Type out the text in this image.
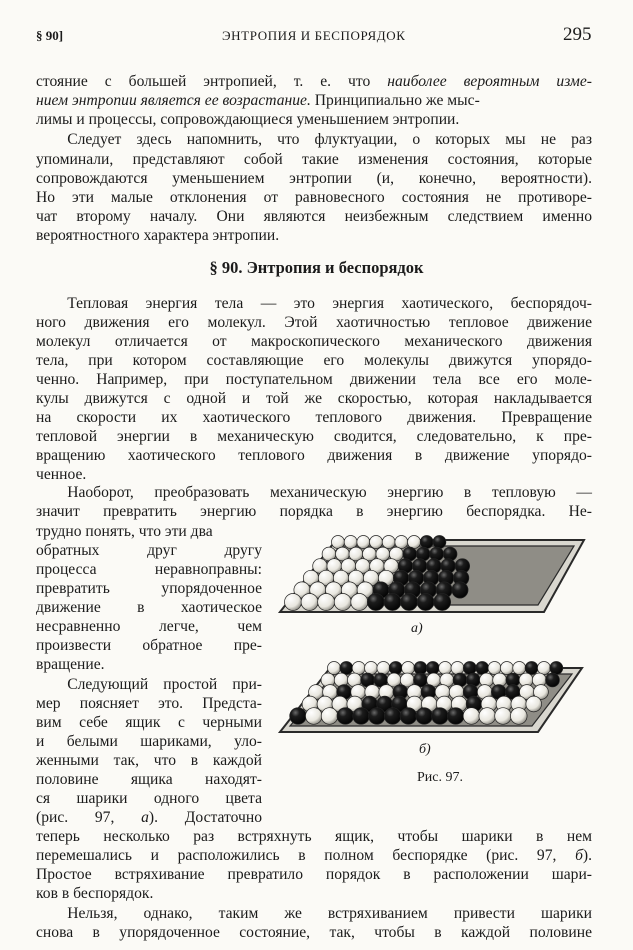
§ 90]	ЭНТРОПИЯ И БЕСПОРЯДОК	295
стояние с большей энтропией, т. е. что наиболее вероятным изме-
нием энтропии является ее возрастание. Принципиально же мыс-
лимы и процессы, сопровождающиеся уменьшением энтропии.
  Следует здесь напомнить, что флуктуации, о которых мы не раз
упоминали, представляют собой такие изменения состояния, которые
сопровождаются уменьшением энтропии (и, конечно, вероятности).
Но эти малые отклонения от равновесного состояния не противоре-
чат второму началу. Они являются неизбежным следствием именно
вероятностного характера энтропии.
  Тепловая энергия тела — это энергия хаотического, беспорядоч-
ного движения его молекул. Этой хаотичностью тепловое движение
молекул отличается от макроскопического механического движения
тела, при котором составляющие его молекулы движутся упорядо-
ченно. Например, при поступательном движении тела все его моле-
кулы движутся с одной и той же скоростью, которая накладывается
на скорости их хаотического теплового движения. Превращение
тепловой энергии в механическую сводится, следовательно, к пре-
вращению хаотического теплового движения в движение упорядо-
ченное.
  Наоборот, преобразовать механическую энергию в тепловую —
значит превратить энергию порядка в энергию беспорядка. Не-
трудно понять, что эти два
обратных друг другу
процесса неравноправны:
превратить упорядоченное
движение в хаотическое
несравненно легче, чем
произвести обратное пре-
вращение.
  Следующий простой при-
мер поясняет это. Предста-
вим себе ящик с черными
и белыми шариками, уло-
женными так, что в каждой
половине ящика находят-
ся шарики одного цвета
(рис. 97, а). Достаточно
теперь несколько раз встряхнуть ящик, чтобы шарики в нем
перемешались и расположились в полном беспорядке (рис. 97, б).
Простое встряхивание превратило порядок в расположении шари-
ков в беспорядок.
  Нельзя, однако, таким же встряхиванием привести шарики
снова в упорядоченное состояние, так, чтобы в каждой половине
§ 90. Энтропия и беспорядок
а)
б)
Рис. 97.
